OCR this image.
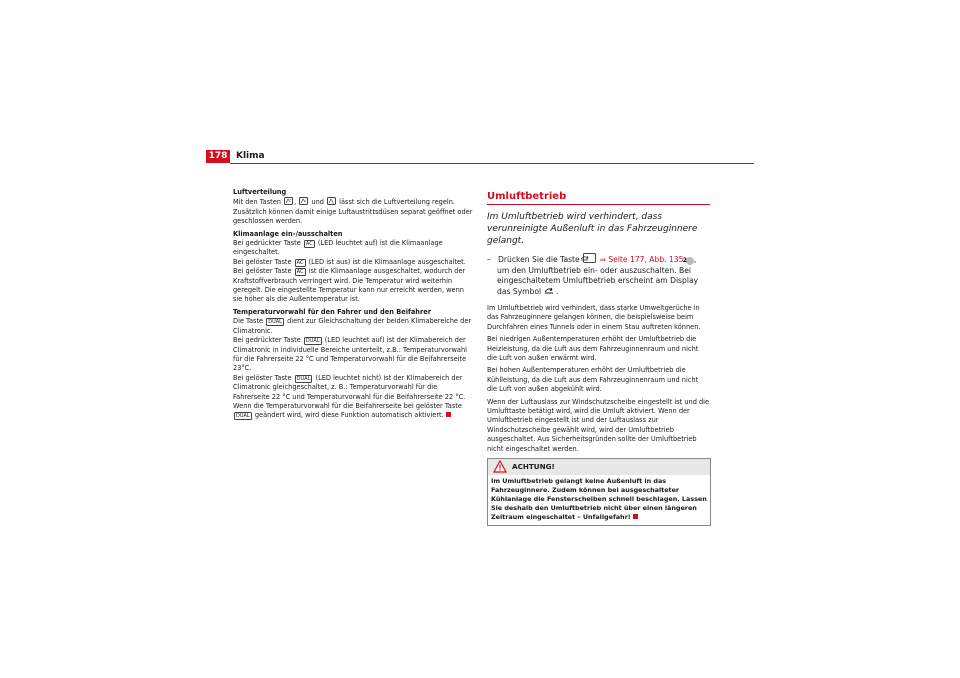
178 Klima

Luftverteilung
Mit den Tasten , und lässt sich die Luftverteilung regeln. Zusätzlich können damit einige Luftaustrittsdüsen separat geöffnet oder geschlossen werden.

Klimaanlage ein-/ausschalten
Bei gedrückter Taste AC (LED leuchtet auf) ist die Klimaanlage eingeschaltet.

Bei gelöster Taste AC (LED ist aus) ist die Klimaanlage ausgeschaltet.

Bei gelöster Taste AC ist die Klimaanlage ausgeschaltet, wodurch der Kraftstoffverbrauch verringert wird. Die Temperatur wird weiterhin geregelt. Die eingestellte Temperatur kann nur erreicht werden, wenn sie höher als die Außentemperatur ist.

Temperaturvorwahl für den Fahrer und den Beifahrer
Die Taste DUAL dient zur Gleichschaltung der beiden Klimabereiche der Climatronic.

Bei gedrückter Taste DUAL (LED leuchtet auf) ist der Klimabereich der Climatronic in individuelle Bereiche unterteilt, z.B.: Temperaturvorwahl für die Fahrerseite 22 °C und Temperaturvorwahl für die Beifahrerseite 23°C.

Bei gelöster Taste DUAL (LED leuchtet nicht) ist der Klimabereich der Climatronic gleichgeschaltet, z. B.: Temperaturvorwahl für die Fahrerseite 22 °C und Temperaturvorwahl für die Beifahrerseite 22 °C.

Wenn die Temperaturvorwahl für die Beifahrerseite bei gelöster Taste DUAL geändert wird, wird diese Funktion automatisch aktiviert.

Umluftbetrieb
Im Umluftbetrieb wird verhindert, dass verunreinigte Außenluft in das Fahrzeuginnere gelangt.
– Drücken Sie die Taste	⇒ Seite 177, Abb. 135 2 , um den Umluftbetrieb ein- oder auszuschalten. Bei eingeschaltetem Umluftbetrieb erscheint am Display das Symbol .

Im Umluftbetrieb wird verhindert, dass starke Umweltgerüche in das Fahrzeuginnere gelangen können, die beispielsweise beim Durchfahren eines Tunnels oder in einem Stau auftreten können.

Bei niedrigen Außentemperaturen erhöht der Umluftbetrieb die Heizleistung, da die Luft aus dem Fahrzeuginnenraum und nicht die Luft von außen erwärmt wird.

Bei hohen Außentemperaturen erhöht der Umluftbetrieb die Kühlleistung, da die Luft aus dem Fahrzeuginnenraum und nicht die Luft von außen abgekühlt wird.

Wenn der Luftauslass zur Windschutzscheibe eingestellt ist und die Umlufttaste betätigt wird, wird die Umluft aktiviert. Wenn der Umluftbetrieb eingestellt ist und der Luftauslass zur Windschutzscheibe gewählt wird, wird der Umluftbetrieb ausgeschaltet. Aus Sicherheitsgründen sollte der Umluftbetrieb nicht eingeschaltet werden.

ACHTUNG!
Im Umluftbetrieb gelangt keine Außenluft in das Fahrzeuginnere. Zudem können bei ausgeschalteter Kühlanlage die Fensterscheiben schnell beschlagen. Lassen Sie deshalb den Umluftbetrieb nicht über einen längeren Zeitraum eingeschaltet – Unfallgefahr!
